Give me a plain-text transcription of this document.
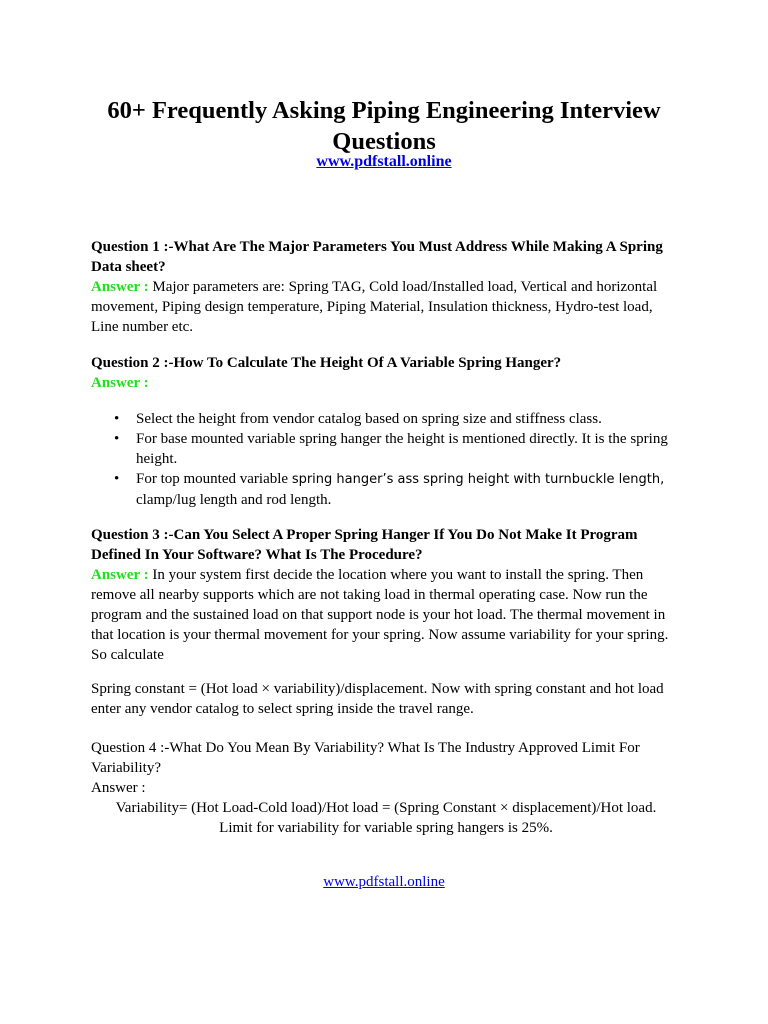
60+ Frequently Asking Piping Engineering Interview Questions
www.pdfstall.online
Question 1 :-What Are The Major Parameters You Must Address While Making A Spring Data sheet?
Answer : Major parameters are: Spring TAG, Cold load/Installed load, Vertical and horizontal movement, Piping design temperature, Piping Material, Insulation thickness, Hydro-test load, Line number etc.
Question 2 :-How To Calculate The Height Of A Variable Spring Hanger?
Answer :
• Select the height from vendor catalog based on spring size and stiffness class.
• For base mounted variable spring hanger the height is mentioned directly. It is the spring height.
• For top mounted variable spring hanger’s ass spring height with turnbuckle length, clamp/lug length and rod length.
Question 3 :-Can You Select A Proper Spring Hanger If You Do Not Make It Program Defined In Your Software? What Is The Procedure?
Answer : In your system first decide the location where you want to install the spring. Then remove all nearby supports which are not taking load in thermal operating case. Now run the program and the sustained load on that support node is your hot load. The thermal movement in that location is your thermal movement for your spring. Now assume variability for your spring. So calculate
Spring constant = (Hot load × variability)/displacement. Now with spring constant and hot load enter any vendor catalog to select spring inside the travel range.
Question 4 :-What Do You Mean By Variability? What Is The Industry Approved Limit For Variability?
Answer :
Variability= (Hot Load-Cold load)/Hot load = (Spring Constant × displacement)/Hot load.
Limit for variability for variable spring hangers is 25%.
www.pdfstall.online
